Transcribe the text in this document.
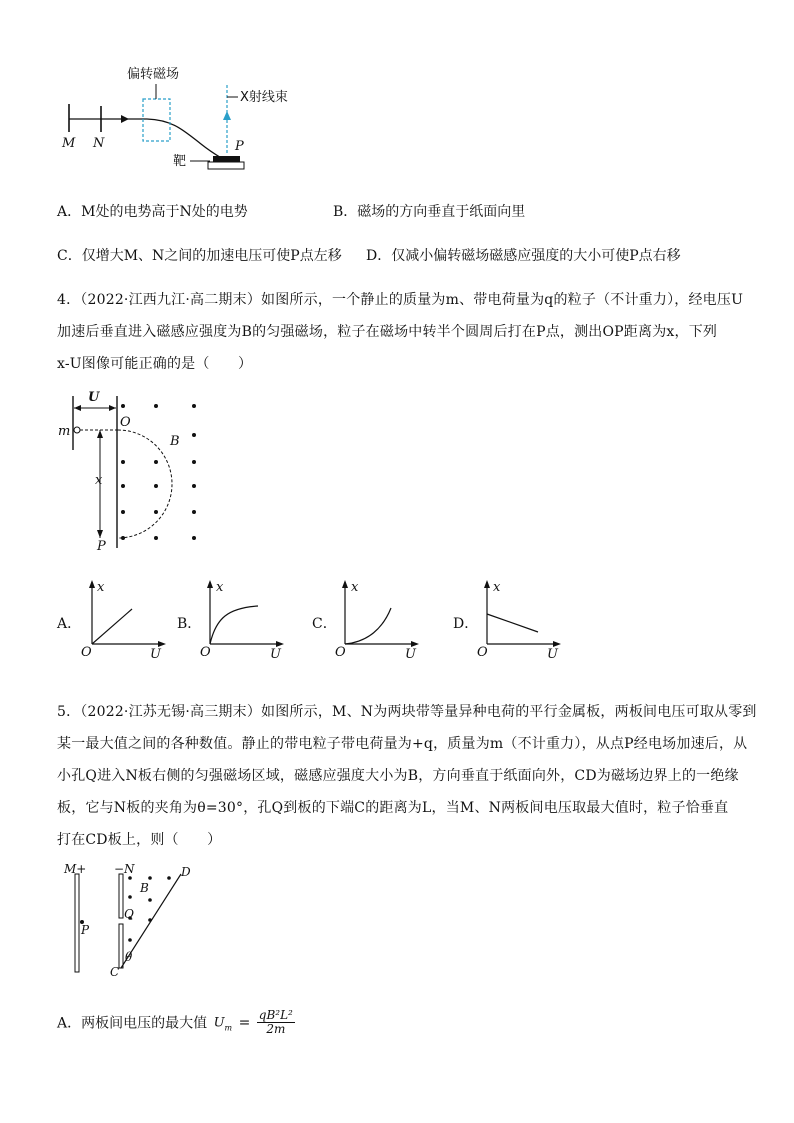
偏转磁场
X射线束
M N	P
靶
A．M处的电势高于N处的电势	B．磁场的方向垂直于纸面向里
C．仅增大M、N之间的加速电压可使P点左移 D．仅减小偏转磁场磁感应强度的大小可使P点右移
4．（2022·江西九江·高二期末）如图所示，一个静止的质量为m、带电荷量为q的粒子（不计重力），经电压U
加速后垂直进入磁感应强度为B的匀强磁场，粒子在磁场中转半个圆周后打在P点，测出OP距离为x，下列
x-U图像可能正确的是（　　）
U
O
m
B
x
P
A．
x
O	U
B．
x
O	U
C．
x
O	U
D．
x
O	U
5．（2022·江苏无锡·高三期末）如图所示，M、N为两块带等量异种电荷的平行金属板，两板间电压可取从零到
某一最大值之间的各种数值。静止的带电粒子带电荷量为+q，质量为m（不计重力），从点P经电场加速后，从
小孔Q进入N板右侧的匀强磁场区域，磁感应强度大小为B，方向垂直于纸面向外，CD为磁场边界上的一绝缘
板，它与N板的夹角为θ=30°，孔Q到板的下端C的距离为L，当M、N两板间电压取最大值时，粒子恰垂直
打在CD板上，则（　　）
M+ −N
B
D
Q
P
θ
C
A．两板间电压的最大值 $U_m = \frac{\text{qB²L²}}{2m}$
